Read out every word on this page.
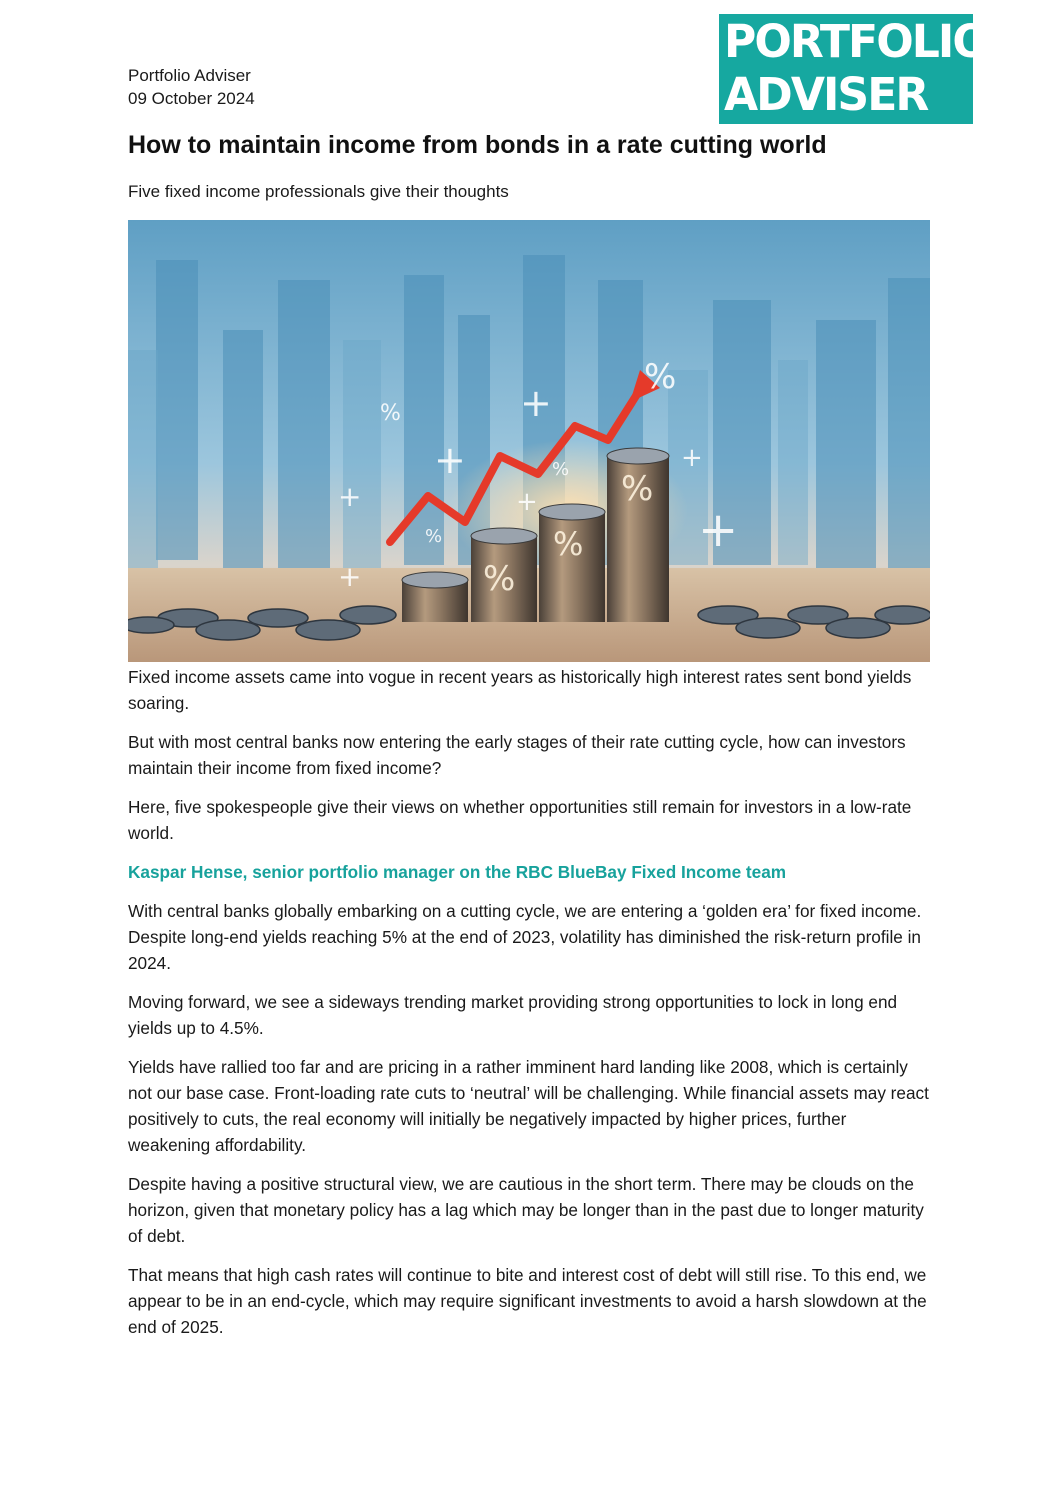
PORTFOLIO
ADVISER
Portfolio Adviser
09 October 2024
How to maintain income from bonds in a rate cutting world
Five fixed income professionals give their thoughts
%
%
%
% %
%
%
+
+
+
+
+
+
+

Fixed income assets came into vogue in recent years as historically high interest rates sent bond yields soaring.

But with most central banks now entering the early stages of their rate cutting cycle, how can investors maintain their income from fixed income?

Here, five spokespeople give their views on whether opportunities still remain for investors in a low-rate world.

Kaspar Hense, senior portfolio manager on the RBC BlueBay Fixed Income team

With central banks globally embarking on a cutting cycle, we are entering a ‘golden era’ for fixed income. Despite long-end yields reaching 5% at the end of 2023, volatility has diminished the risk-return profile in 2024.

Moving forward, we see a sideways trending market providing strong opportunities to lock in long end yields up to 4.5%.

Yields have rallied too far and are pricing in a rather imminent hard landing like 2008, which is certainly not our base case. Front-loading rate cuts to ‘neutral’ will be challenging. While financial assets may react positively to cuts, the real economy will initially be negatively impacted by higher prices, further weakening affordability.

Despite having a positive structural view, we are cautious in the short term. There may be clouds on the horizon, given that monetary policy has a lag which may be longer than in the past due to longer maturity of debt.

That means that high cash rates will continue to bite and interest cost of debt will still rise. To this end, we appear to be in an end-cycle, which may require significant investments to avoid a harsh slowdown at the end of 2025.
